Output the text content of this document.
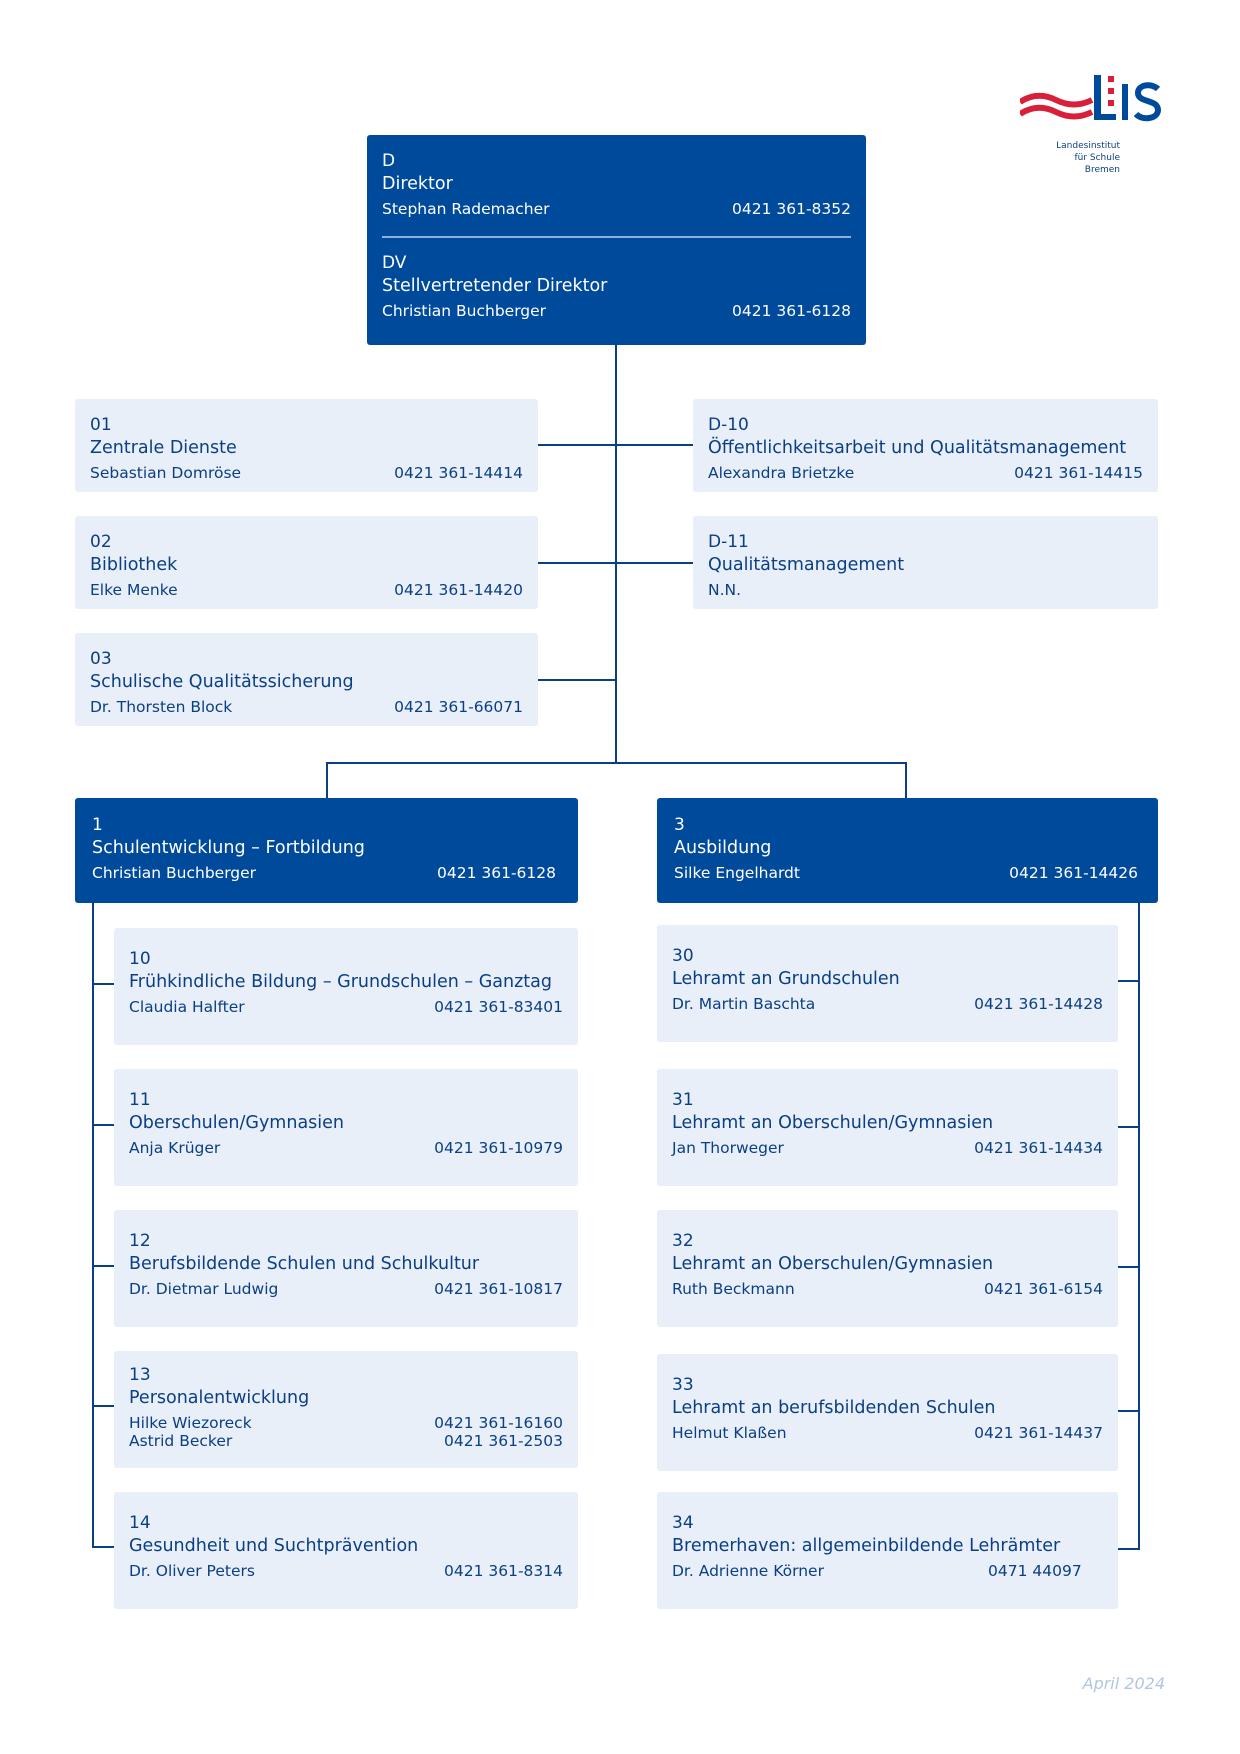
Landesinstitut
für Schule
Bremen
D
Direktor
Stephan Rademacher	0421 361-8352
DV
Stellvertretender Direktor
Christian Buchberger	0421 361-6128
01
Zentrale Dienste
Sebastian Domröse	0421 361-14414
02
Bibliothek
Elke Menke	0421 361-14420
03
Schulische Qualitätssicherung
Dr. Thorsten Block	0421 361-66071
D-10
Öffentlichkeitsarbeit und Qualitätsmanagement
Alexandra Brietzke	0421 361-14415
D-11
Qualitätsmanagement
N.N.
1
Schulentwicklung – Fortbildung
Christian Buchberger	0421 361-6128
10
Frühkindliche Bildung – Grundschulen – Ganztag
Claudia Halfter	0421 361-83401
11
Oberschulen/Gymnasien
Anja Krüger	0421 361-10979
12
Berufsbildende Schulen und Schulkultur
Dr. Dietmar Ludwig	0421 361-10817
13
Personalentwicklung
Hilke Wiezoreck	0421 361-16160
Astrid Becker	0421 361-2503
14
Gesundheit und Suchtprävention
Dr. Oliver Peters	0421 361-8314
3
Ausbildung
Silke Engelhardt	0421 361-14426
30
Lehramt an Grundschulen
Dr. Martin Baschta	0421 361-14428
31
Lehramt an Oberschulen/Gymnasien
Jan Thorweger	0421 361-14434
32
Lehramt an Oberschulen/Gymnasien
Ruth Beckmann	0421 361-6154
33
Lehramt an berufsbildenden Schulen
Helmut Klaßen	0421 361-14437
34
Bremerhaven: allgemeinbildende Lehrämter
Dr. Adrienne Körner	0471 44097
April 2024
